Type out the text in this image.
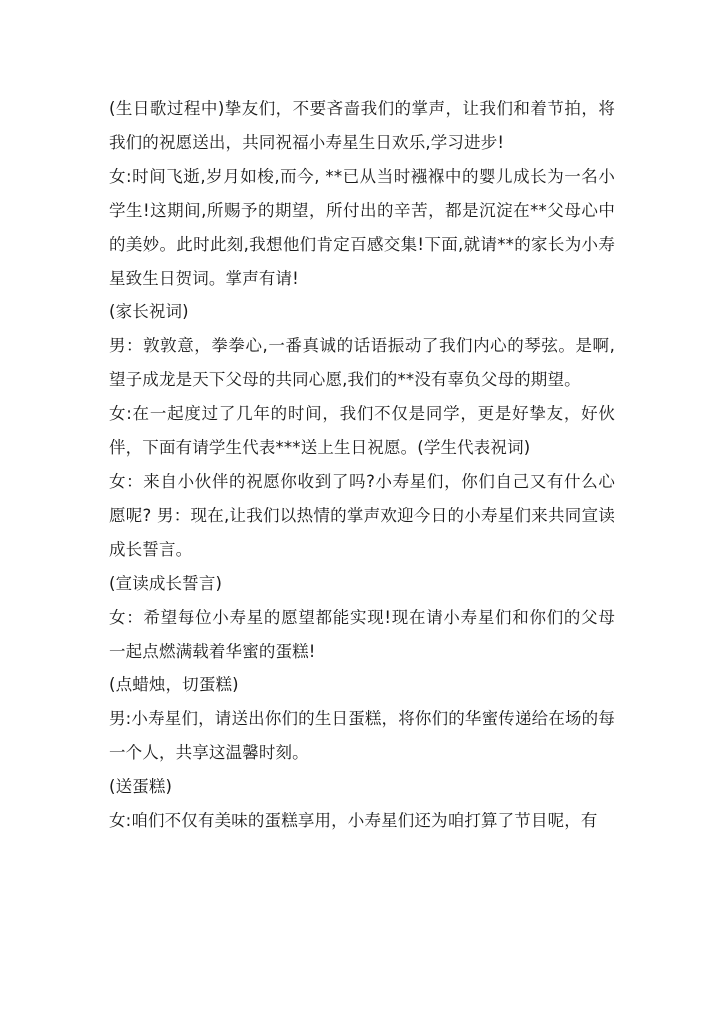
(生日歌过程中)挚友们，不要吝啬我们的掌声，让我们和着节拍，将我们的祝愿送出，共同祝福小寿星生日欢乐,学习进步!

女:时间飞逝,岁月如梭,而今, **已从当时襁褓中的婴儿成长为一名小学生!这期间,所赐予的期望，所付出的辛苦，都是沉淀在**父母心中的美妙。此时此刻,我想他们肯定百感交集!下面,就请**的家长为小寿星致生日贺词。掌声有请!

(家长祝词)

男：敦敦意，拳拳心,一番真诚的话语振动了我们内心的琴弦。是啊,望子成龙是天下父母的共同心愿,我们的**没有辜负父母的期望。

女:在一起度过了几年的时间，我们不仅是同学，更是好挚友，好伙伴，下面有请学生代表***送上生日祝愿。(学生代表祝词)

女：来自小伙伴的祝愿你收到了吗?小寿星们，你们自己又有什么心愿呢? 男：现在,让我们以热情的掌声欢迎今日的小寿星们来共同宣读成长誓言。

(宣读成长誓言)

女：希望每位小寿星的愿望都能实现!现在请小寿星们和你们的父母一起点燃满载着华蜜的蛋糕!

(点蜡烛，切蛋糕)

男:小寿星们，请送出你们的生日蛋糕，将你们的华蜜传递给在场的每一个人，共享这温馨时刻。

(送蛋糕)

女:咱们不仅有美味的蛋糕享用，小寿星们还为咱打算了节目呢，有
